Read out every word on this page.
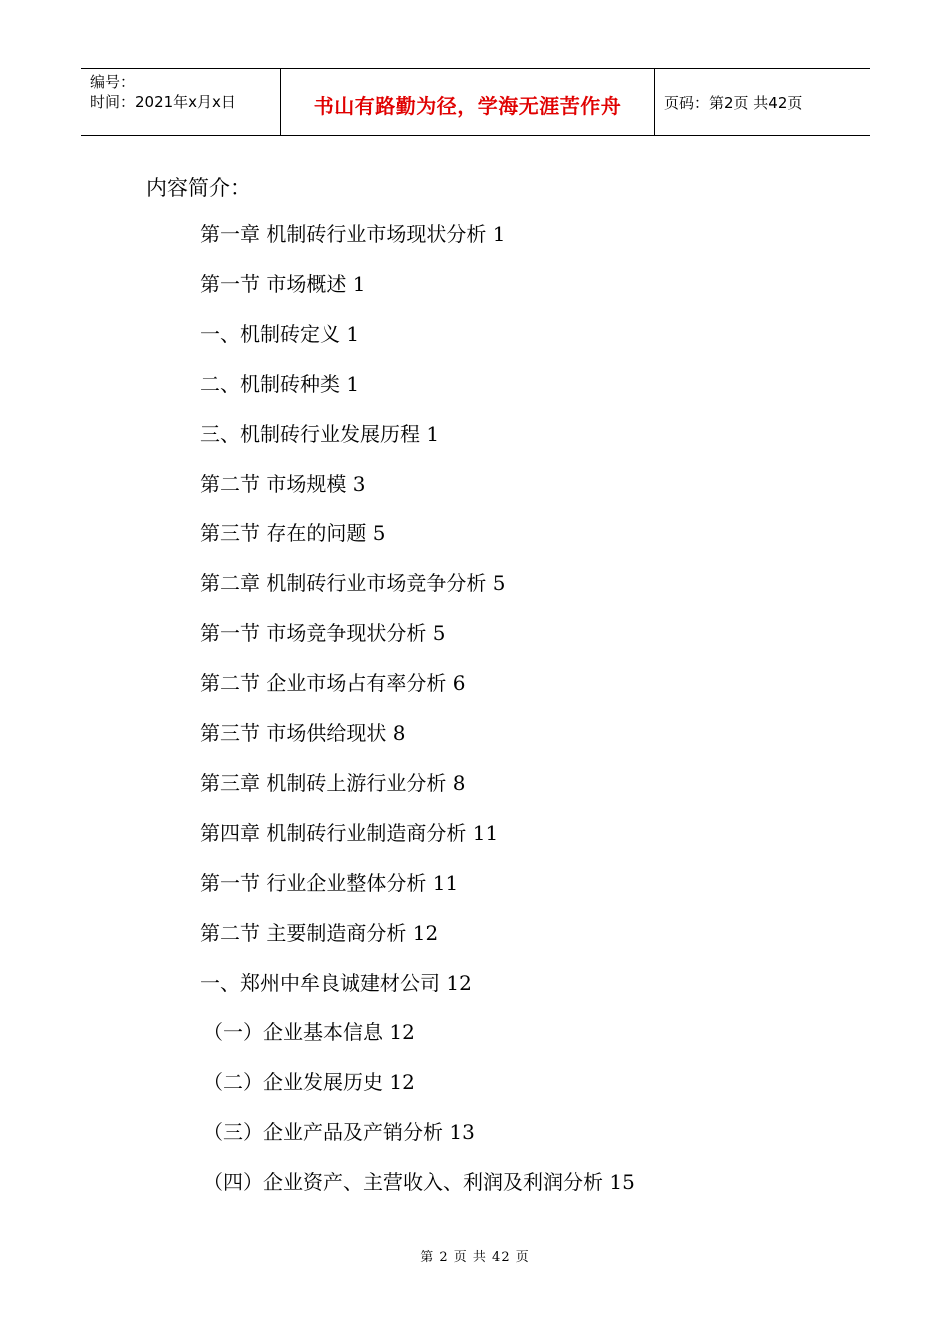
编号：
时间：2021年x月x日	书山有路勤为径，学海无涯苦作舟	页码：第2页 共42页
内容简介：
第一章 机制砖行业市场现状分析 1
第一节 市场概述 1
一、机制砖定义 1
二、机制砖种类 1
三、机制砖行业发展历程 1
第二节 市场规模 3
第三节 存在的问题 5
第二章 机制砖行业市场竞争分析 5
第一节 市场竞争现状分析 5
第二节 企业市场占有率分析 6
第三节 市场供给现状 8
第三章 机制砖上游行业分析 8
第四章 机制砖行业制造商分析 11
第一节 行业企业整体分析 11
第二节 主要制造商分析 12
一、郑州中牟良诚建材公司 12
（一）企业基本信息 12
（二）企业发展历史 12
（三）企业产品及产销分析 13
（四）企业资产、主营收入、利润及利润分析 15
第 2 页 共 42 页
